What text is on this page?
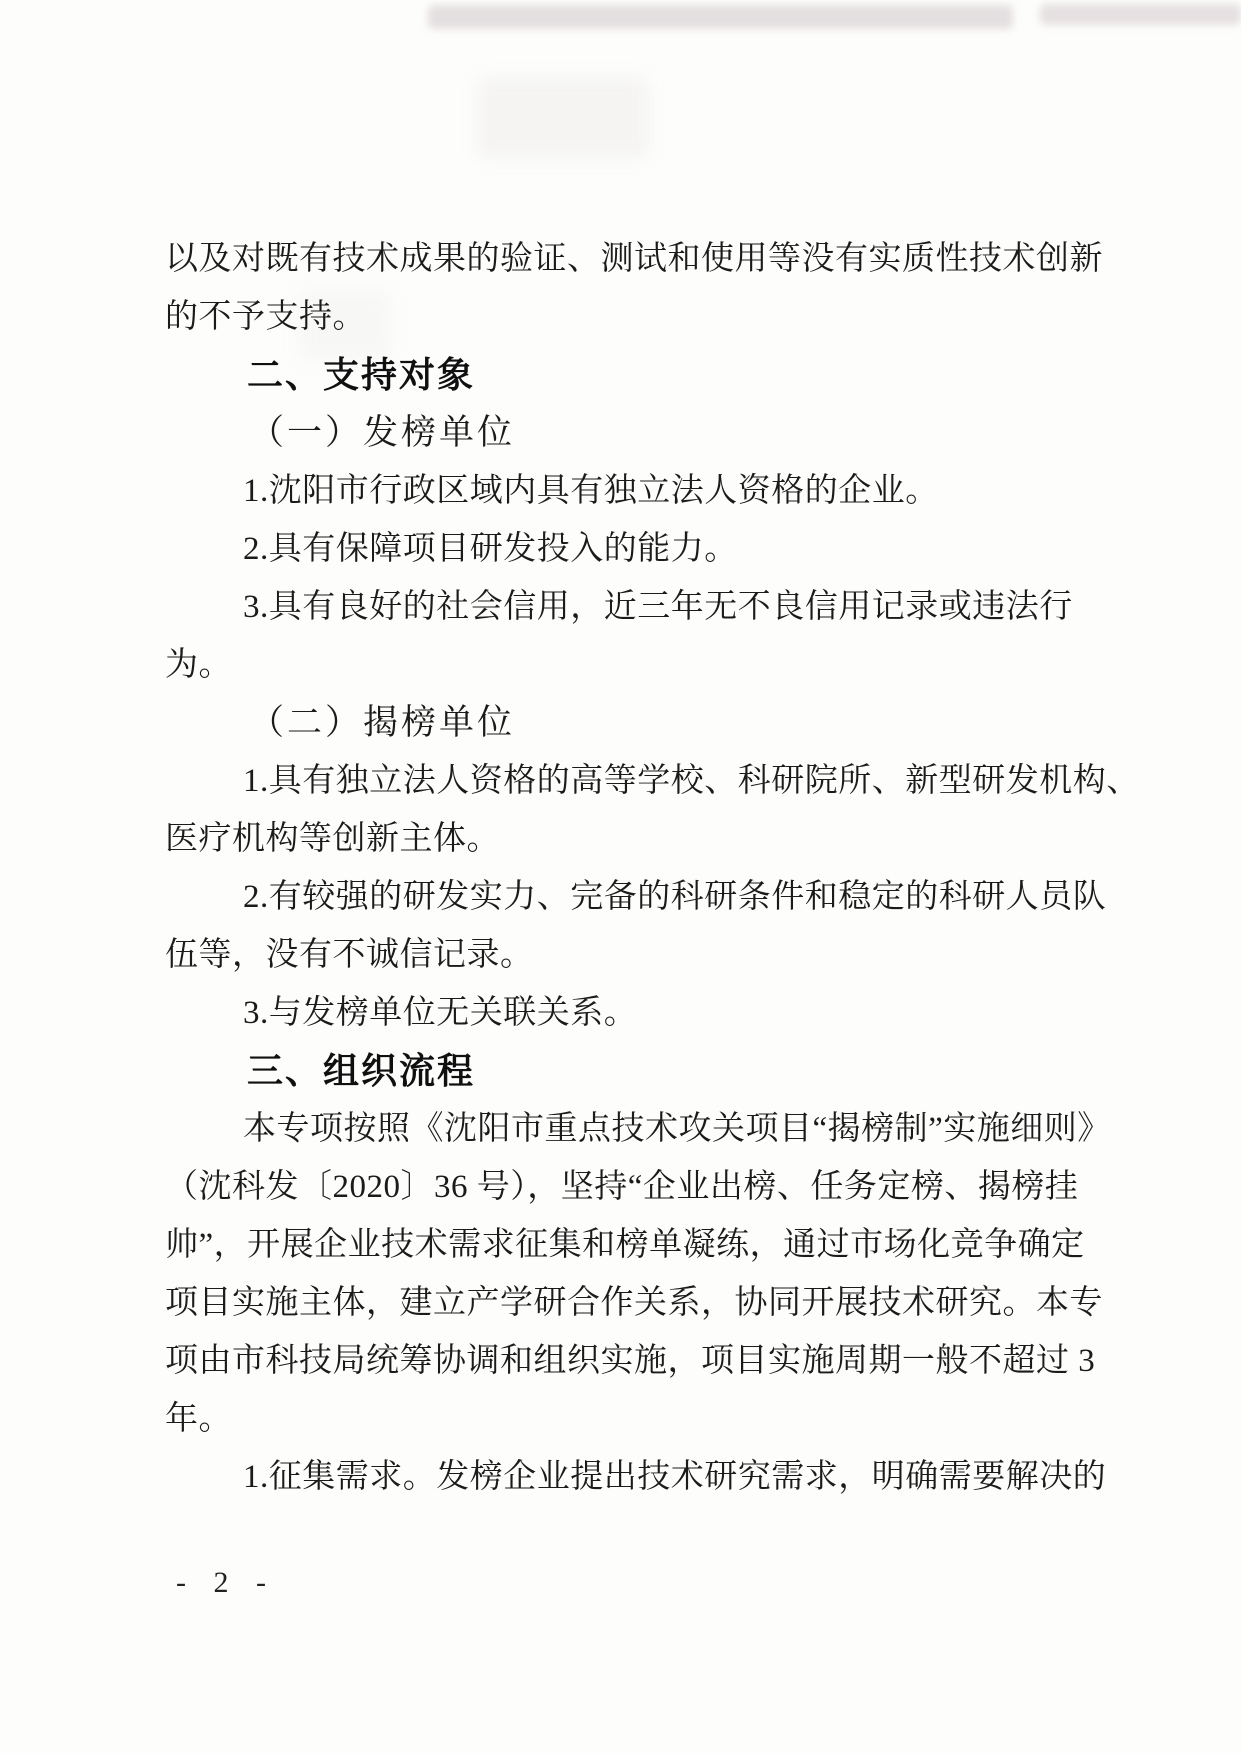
以及对既有技术成果的验证、测试和使用等没有实质性技术创新

的不予支持。

二、支持对象

（一）发榜单位

1.沈阳市行政区域内具有独立法人资格的企业。

2.具有保障项目研发投入的能力。

3.具有良好的社会信用，近三年无不良信用记录或违法行

为。

（二）揭榜单位

1.具有独立法人资格的高等学校、科研院所、新型研发机构、

医疗机构等创新主体。

2.有较强的研发实力、完备的科研条件和稳定的科研人员队

伍等，没有不诚信记录。

3.与发榜单位无关联关系。

三、组织流程

本专项按照《沈阳市重点技术攻关项目“揭榜制”实施细则》

（沈科发〔2020〕36 号），坚持“企业出榜、任务定榜、揭榜挂

帅”，开展企业技术需求征集和榜单凝练，通过市场化竞争确定

项目实施主体，建立产学研合作关系，协同开展技术研究。本专

项由市科技局统筹协调和组织实施，项目实施周期一般不超过 3

年。

1.征集需求。发榜企业提出技术研究需求，明确需要解决的

- 2 -
